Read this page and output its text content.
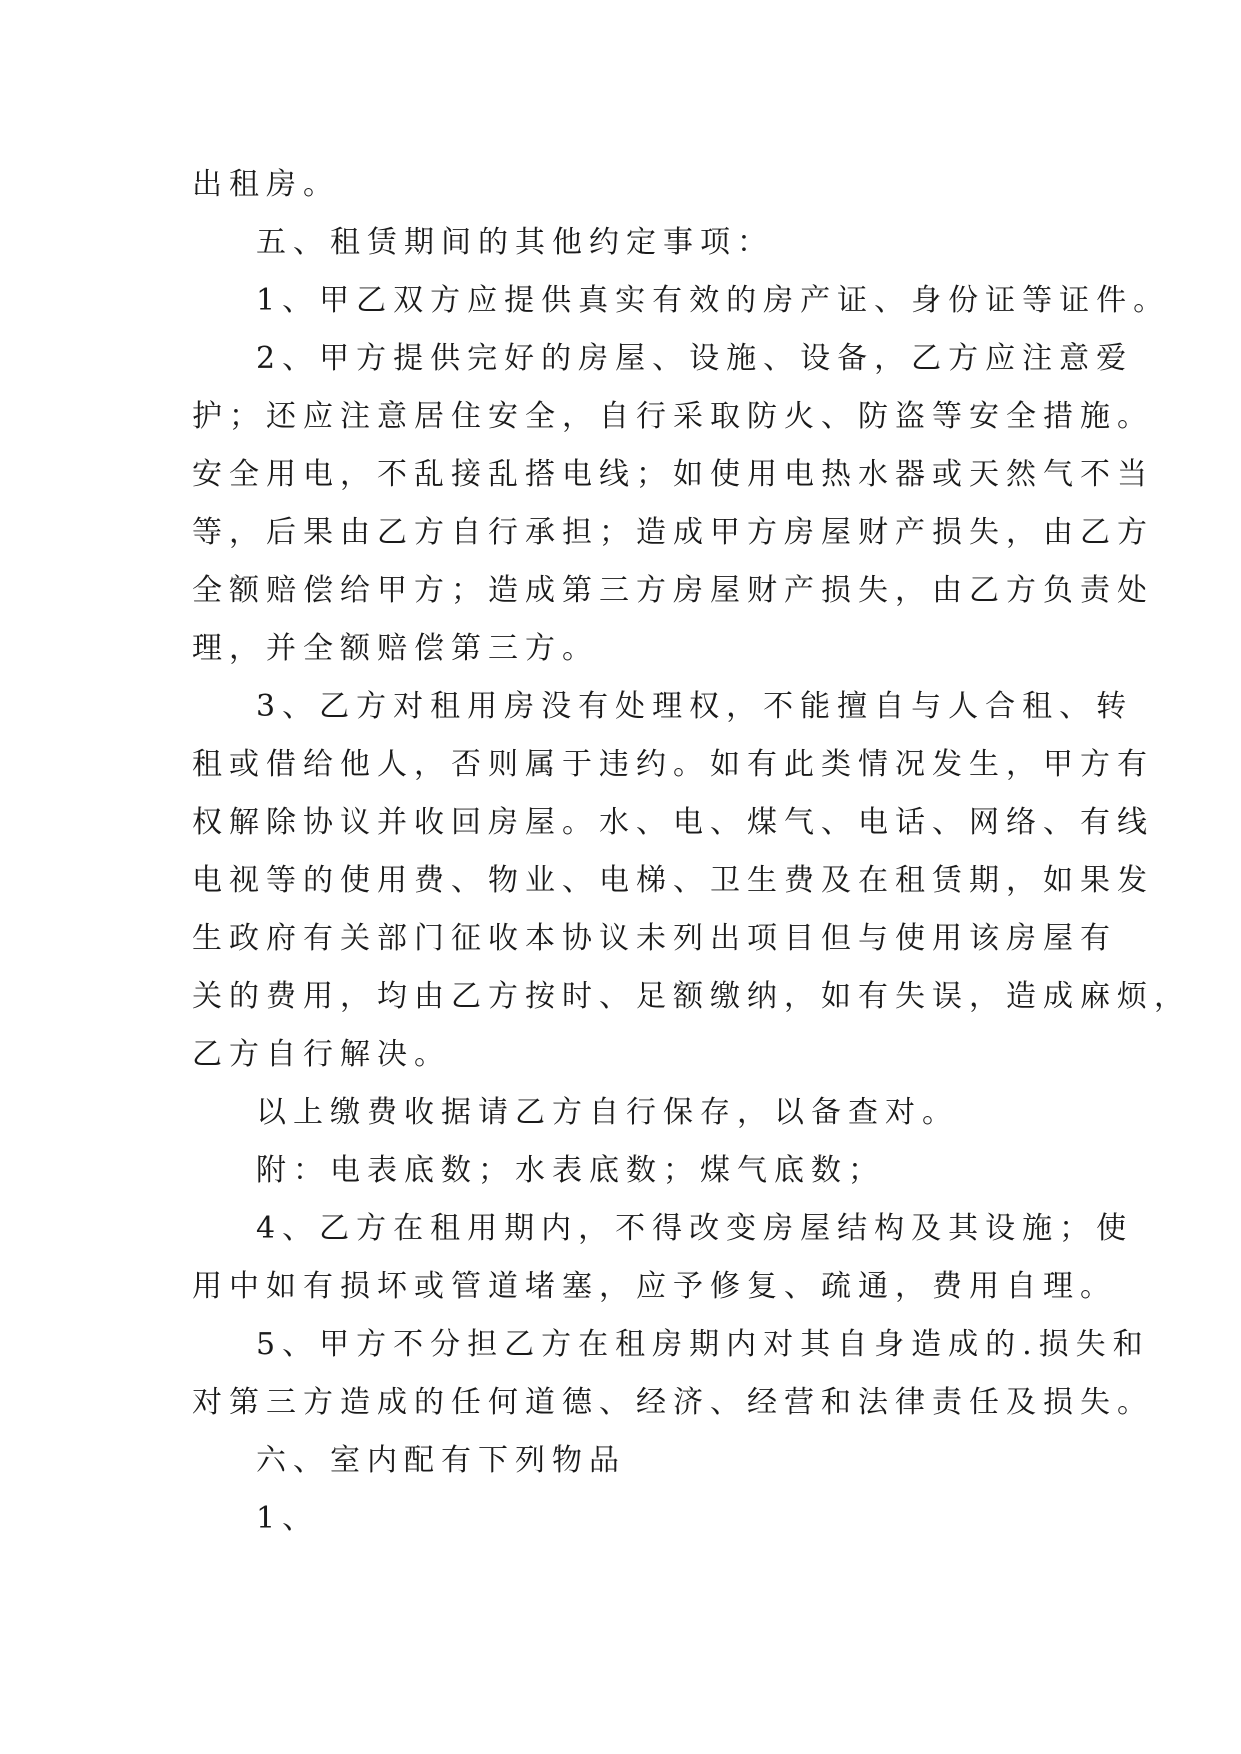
出租房。

五、租赁期间的其他约定事项：

1、甲乙双方应提供真实有效的房产证、身份证等证件。

2、甲方提供完好的房屋、设施、设备，乙方应注意爱

护；还应注意居住安全，自行采取防火、防盗等安全措施。

安全用电，不乱接乱搭电线；如使用电热水器或天然气不当

等，后果由乙方自行承担；造成甲方房屋财产损失，由乙方

全额赔偿给甲方；造成第三方房屋财产损失，由乙方负责处

理，并全额赔偿第三方。

3、乙方对租用房没有处理权，不能擅自与人合租、转

租或借给他人，否则属于违约。如有此类情况发生，甲方有

权解除协议并收回房屋。水、电、煤气、电话、网络、有线

电视等的使用费、物业、电梯、卫生费及在租赁期，如果发

生政府有关部门征收本协议未列出项目但与使用该房屋有

关的费用，均由乙方按时、足额缴纳，如有失误，造成麻烦，

乙方自行解决。

以上缴费收据请乙方自行保存，以备查对。

附：电表底数；水表底数；煤气底数；

4、乙方在租用期内，不得改变房屋结构及其设施；使

用中如有损坏或管道堵塞，应予修复、疏通，费用自理。

5、甲方不分担乙方在租房期内对其自身造成的.损失和

对第三方造成的任何道德、经济、经营和法律责任及损失。

六、室内配有下列物品

1、
